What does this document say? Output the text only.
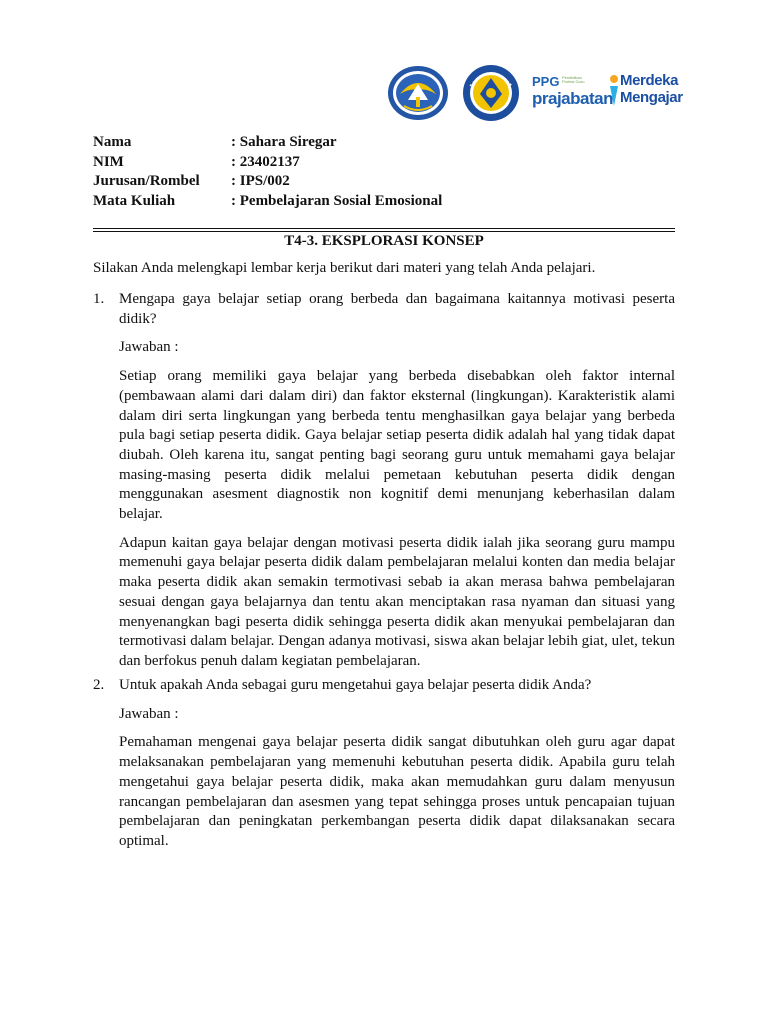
PPG Pendidikan Profesi Guru
prajabatan
Merdeka
Mengajar
Nama	: Sahara Siregar
NIM	: 23402137
Jurusan/Rombel : IPS/002
Mata Kuliah	: Pembelajaran Sosial Emosional
T4-3. EKSPLORASI KONSEP
Silakan Anda melengkapi lembar kerja berikut dari materi yang telah Anda pelajari.
1. Mengapa gaya belajar setiap orang berbeda dan bagaimana kaitannya motivasi peserta didik?
Jawaban :
Setiap orang memiliki gaya belajar yang berbeda disebabkan oleh faktor internal (pembawaan alami dari dalam diri) dan faktor eksternal (lingkungan). Karakteristik alami dalam diri serta lingkungan yang berbeda tentu menghasilkan gaya belajar yang berbeda pula bagi setiap peserta didik. Gaya belajar setiap peserta didik adalah hal yang tidak dapat diubah. Oleh karena itu, sangat penting bagi seorang guru untuk memahami gaya belajar masing-masing peserta didik melalui pemetaan kebutuhan peserta didik dengan menggunakan asesment diagnostik non kognitif demi menunjang keberhasilan dalam belajar.
Adapun kaitan gaya belajar dengan motivasi peserta didik ialah jika seorang guru mampu memenuhi gaya belajar peserta didik dalam pembelajaran melalui konten dan media belajar maka peserta didik akan semakin termotivasi sebab ia akan merasa bahwa pembelajaran sesuai dengan gaya belajarnya dan tentu akan menciptakan rasa nyaman dan situasi yang menyenangkan bagi peserta didik sehingga peserta didik akan menyukai pembelajaran dan termotivasi dalam belajar. Dengan adanya motivasi, siswa akan belajar lebih giat, ulet, tekun dan berfokus penuh dalam kegiatan pembelajaran.
2. Untuk apakah Anda sebagai guru mengetahui gaya belajar peserta didik Anda?
Jawaban :
Pemahaman mengenai gaya belajar peserta didik sangat dibutuhkan oleh guru agar dapat melaksanakan pembelajaran yang memenuhi kebutuhan peserta didik. Apabila guru telah mengetahui gaya belajar peserta didik, maka akan memudahkan guru dalam menyusun rancangan pembelajaran dan asesmen yang tepat sehingga proses untuk pencapaian tujuan pembelajaran dan peningkatan perkembangan peserta didik dapat dilaksanakan secara optimal.
